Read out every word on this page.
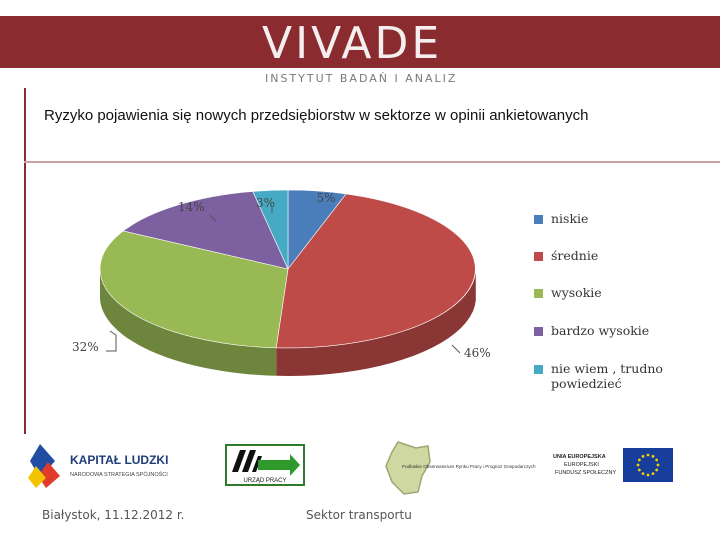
VIVADE
INSTYTUT BADAŃ I ANALIZ
Ryzyko pojawienia się nowych przedsiębiorstw w sektorze w opinii ankietowanych
5%
46%
32%
14%	3%
niskie
średnie
wysokie
bardzo wysokie
nie wiem , trudno powiedzieć
KAPITAŁ LUDZKI
NARODOWA STRATEGIA SPÓJNOŚCI
URZĄD PRACY
Podlaskie Obserwatorium Rynku Pracy i Prognoz Gospodarczych
UNIA EUROPEJSKA
EUROPEJSKI
FUNDUSZ SPOŁECZNY
Białystok, 11.12.2012 r.	Sektor transportu
